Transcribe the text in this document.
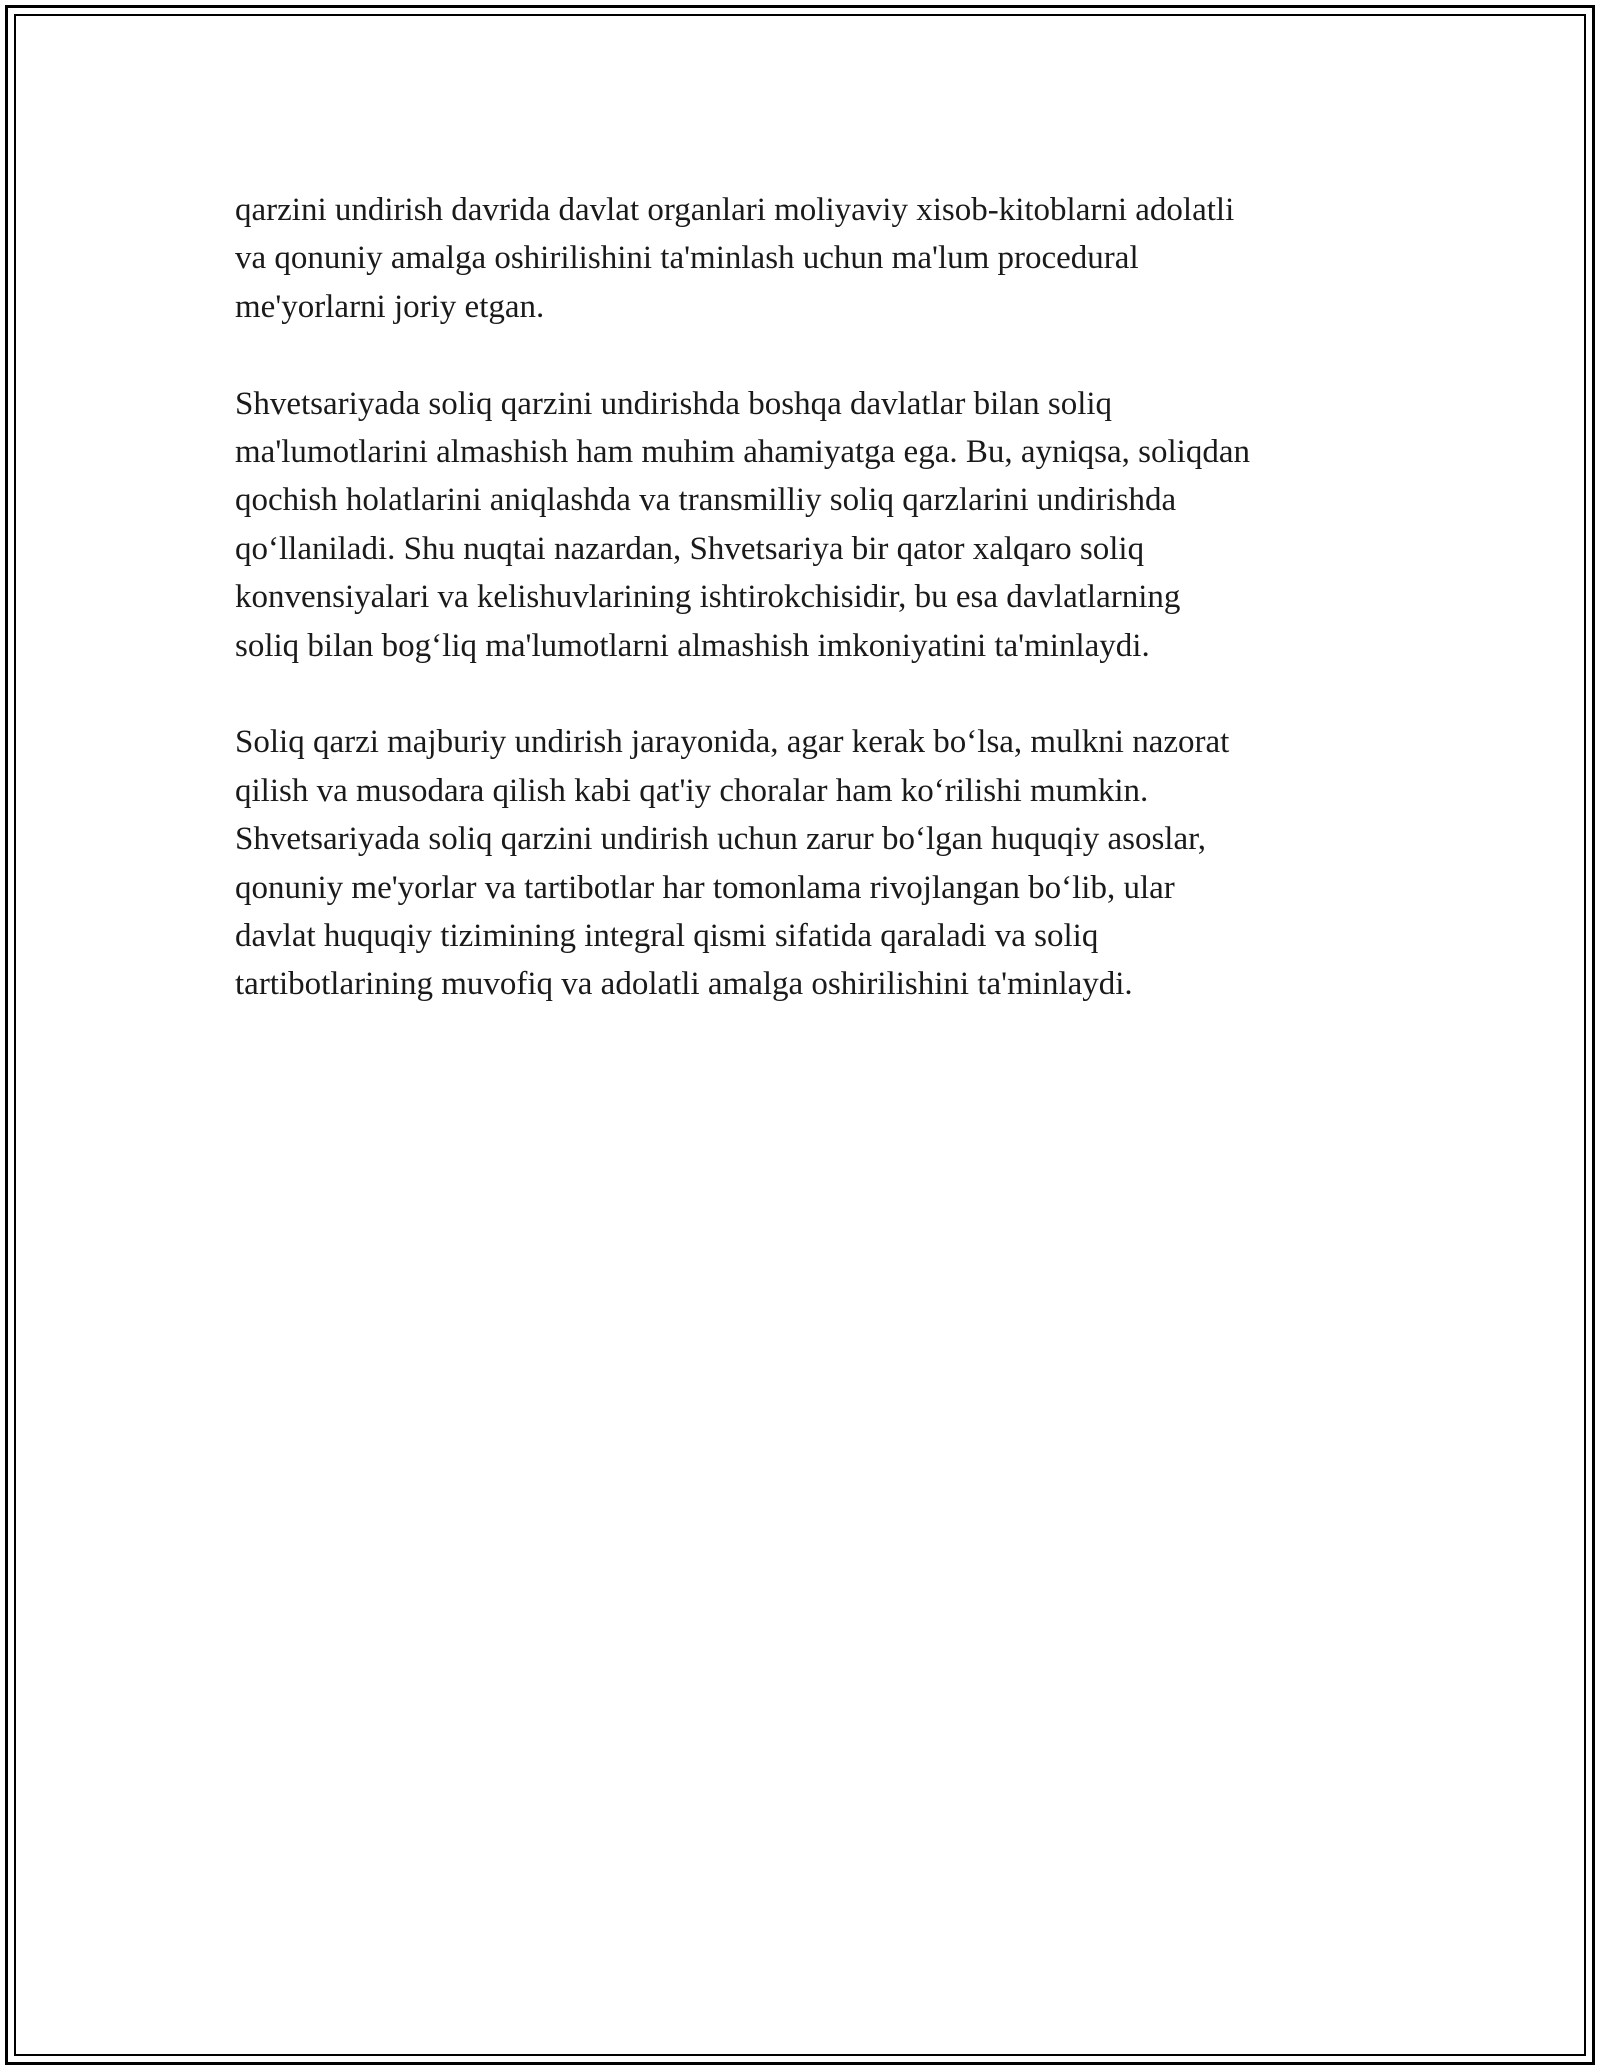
qarzini undirish davrida davlat organlari moliyaviy xisob-kitoblarni adolatli
va qonuniy amalga oshirilishini ta'minlash uchun ma'lum procedural
me'yorlarni joriy etgan.

Shvetsariyada soliq qarzini undirishda boshqa davlatlar bilan soliq
ma'lumotlarini almashish ham muhim ahamiyatga ega. Bu, ayniqsa, soliqdan
qochish holatlarini aniqlashda va transmilliy soliq qarzlarini undirishda
qo‘llaniladi. Shu nuqtai nazardan, Shvetsariya bir qator xalqaro soliq
konvensiyalari va kelishuvlarining ishtirokchisidir, bu esa davlatlarning
soliq bilan bog‘liq ma'lumotlarni almashish imkoniyatini ta'minlaydi.

Soliq qarzi majburiy undirish jarayonida, agar kerak bo‘lsa, mulkni nazorat
qilish va musodara qilish kabi qat'iy choralar ham ko‘rilishi mumkin.
Shvetsariyada soliq qarzini undirish uchun zarur bo‘lgan huquqiy asoslar,
qonuniy me'yorlar va tartibotlar har tomonlama rivojlangan bo‘lib, ular
davlat huquqiy tizimining integral qismi sifatida qaraladi va soliq
tartibotlarining muvofiq va adolatli amalga oshirilishini ta'minlaydi.
